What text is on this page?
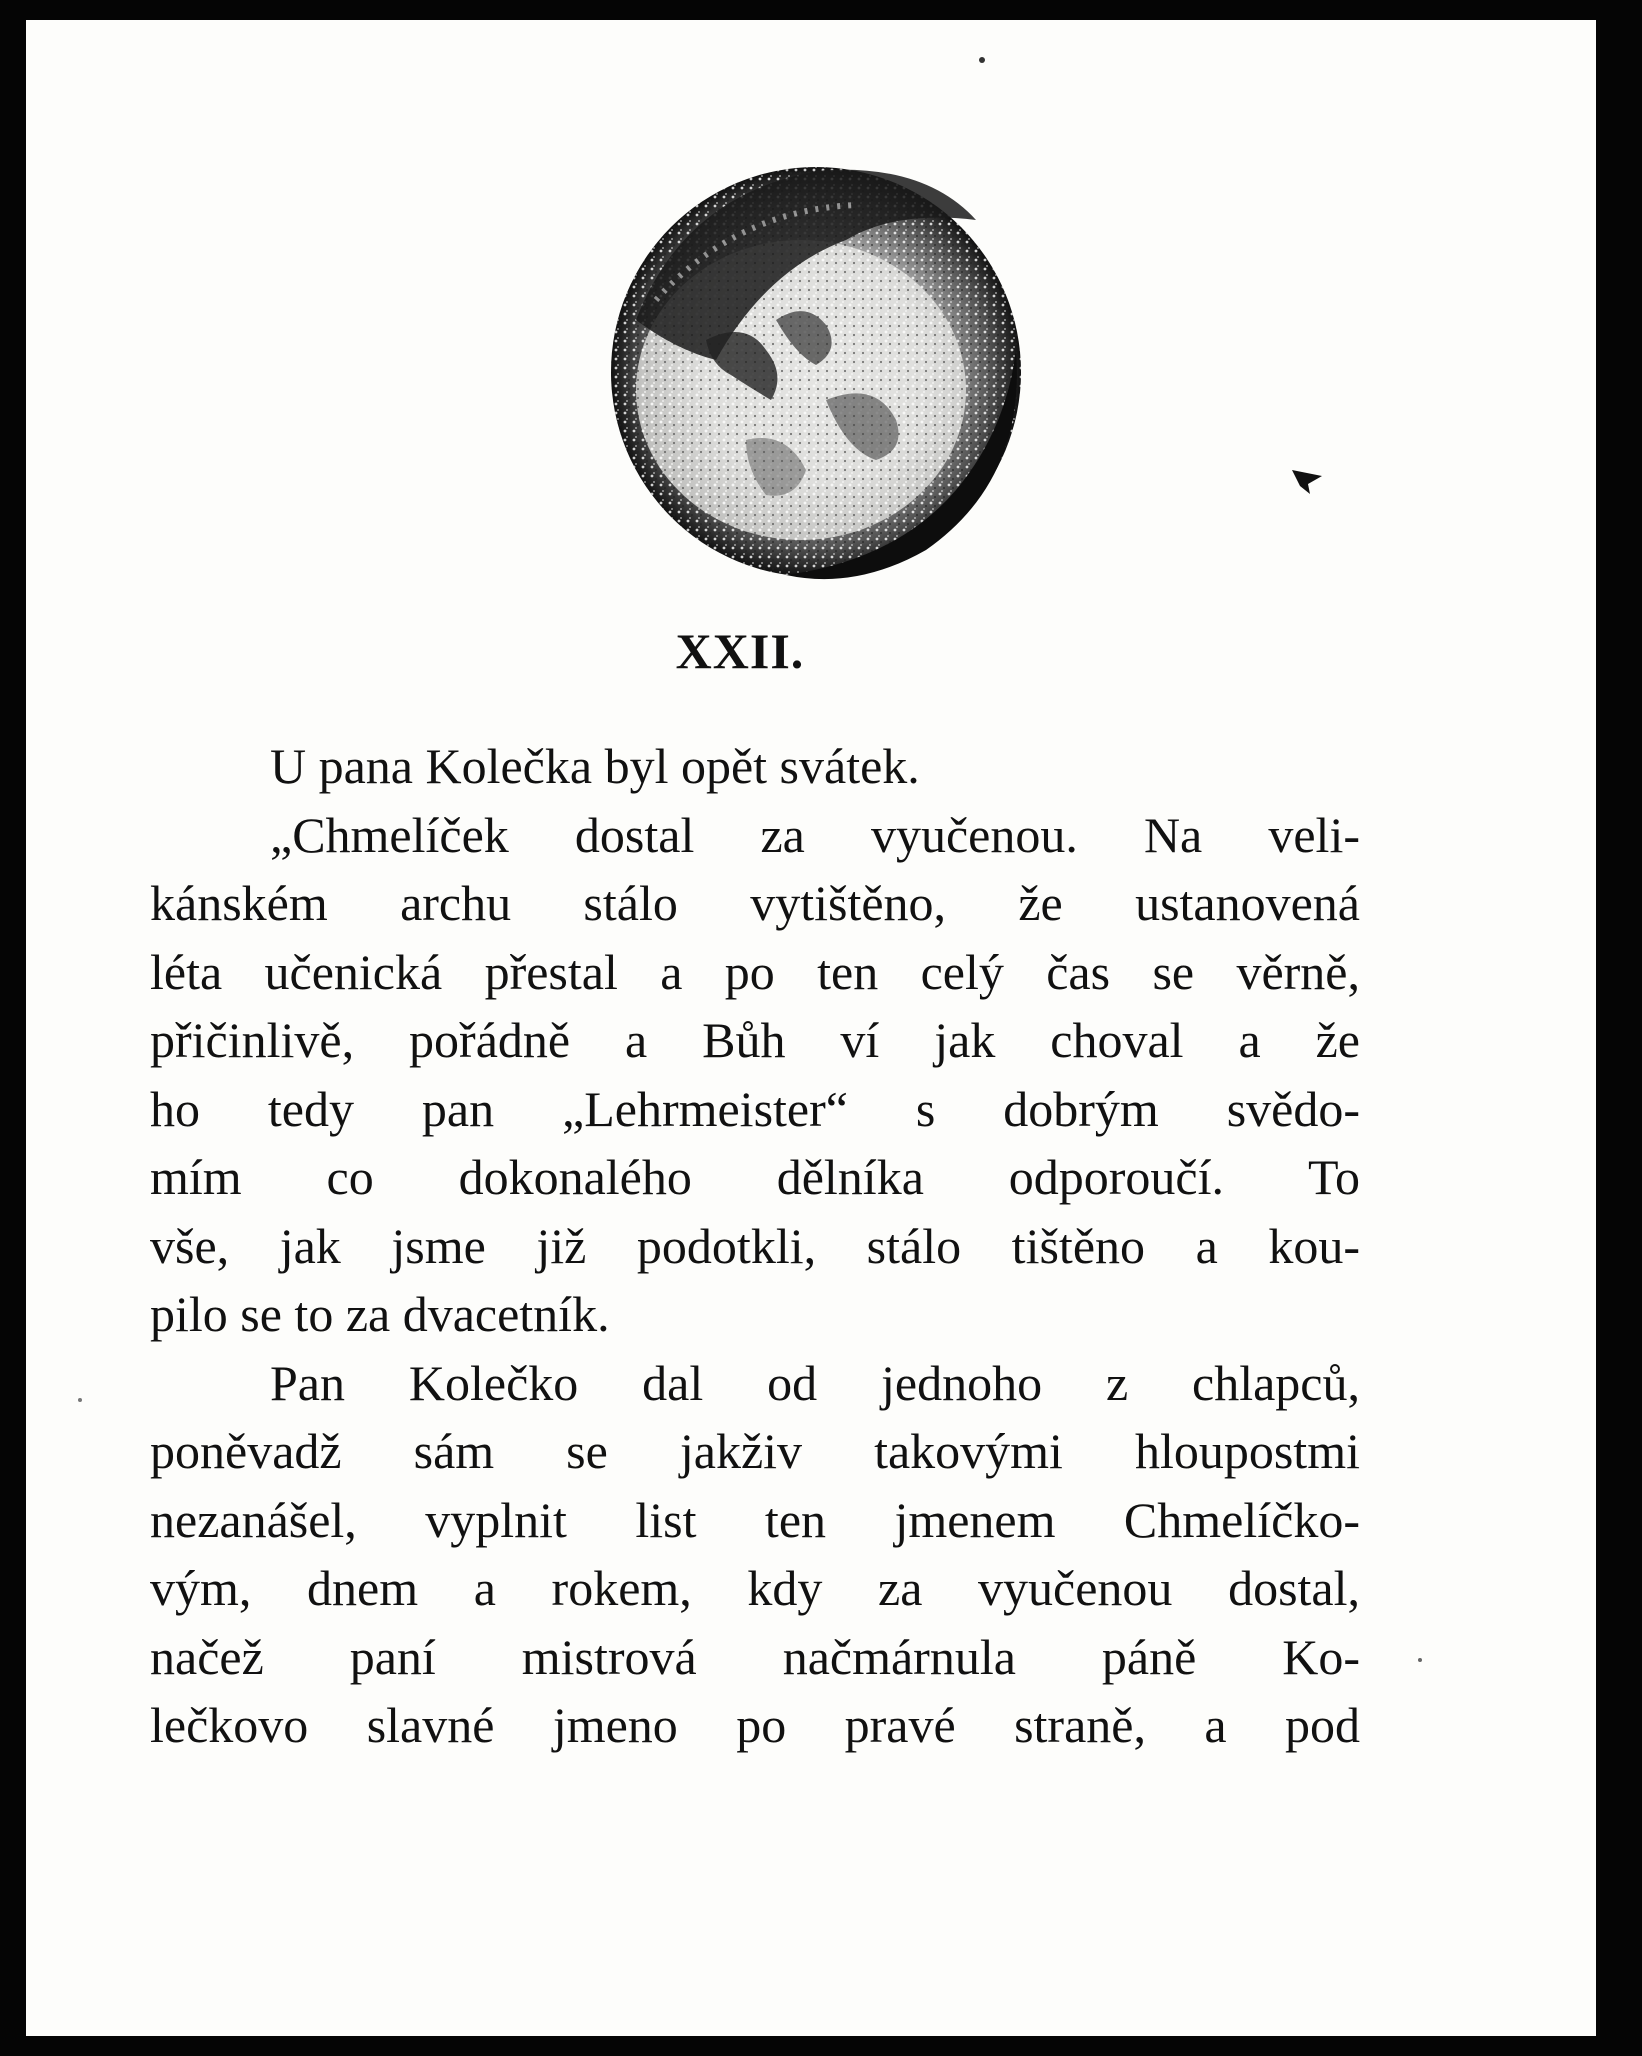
XXII.
U pana Kolečka byl opět svátek.
„Chmelíček dostal za vyučenou. Na veli-
kánském archu stálo vytištěno, že ustanovená
léta učenická přestal a po ten celý čas se věrně,
přičinlivě, pořádně a Bůh ví jak choval a že
ho tedy pan „Lehrmeister“ s dobrým svědo-
mím co dokonalého dělníka odporoučí. To
vše, jak jsme již podotkli, stálo tištěno a kou-
pilo se to za dvacetník.
Pan Kolečko dal od jednoho z chlapců,
poněvadž sám se jakživ takovými hloupostmi
nezanášel, vyplnit list ten jmenem Chmelíčko-
vým, dnem a rokem, kdy za vyučenou dostal,
načež paní mistrová načmárnula páně Ko-
lečkovo slavné jmeno po pravé straně, a pod
